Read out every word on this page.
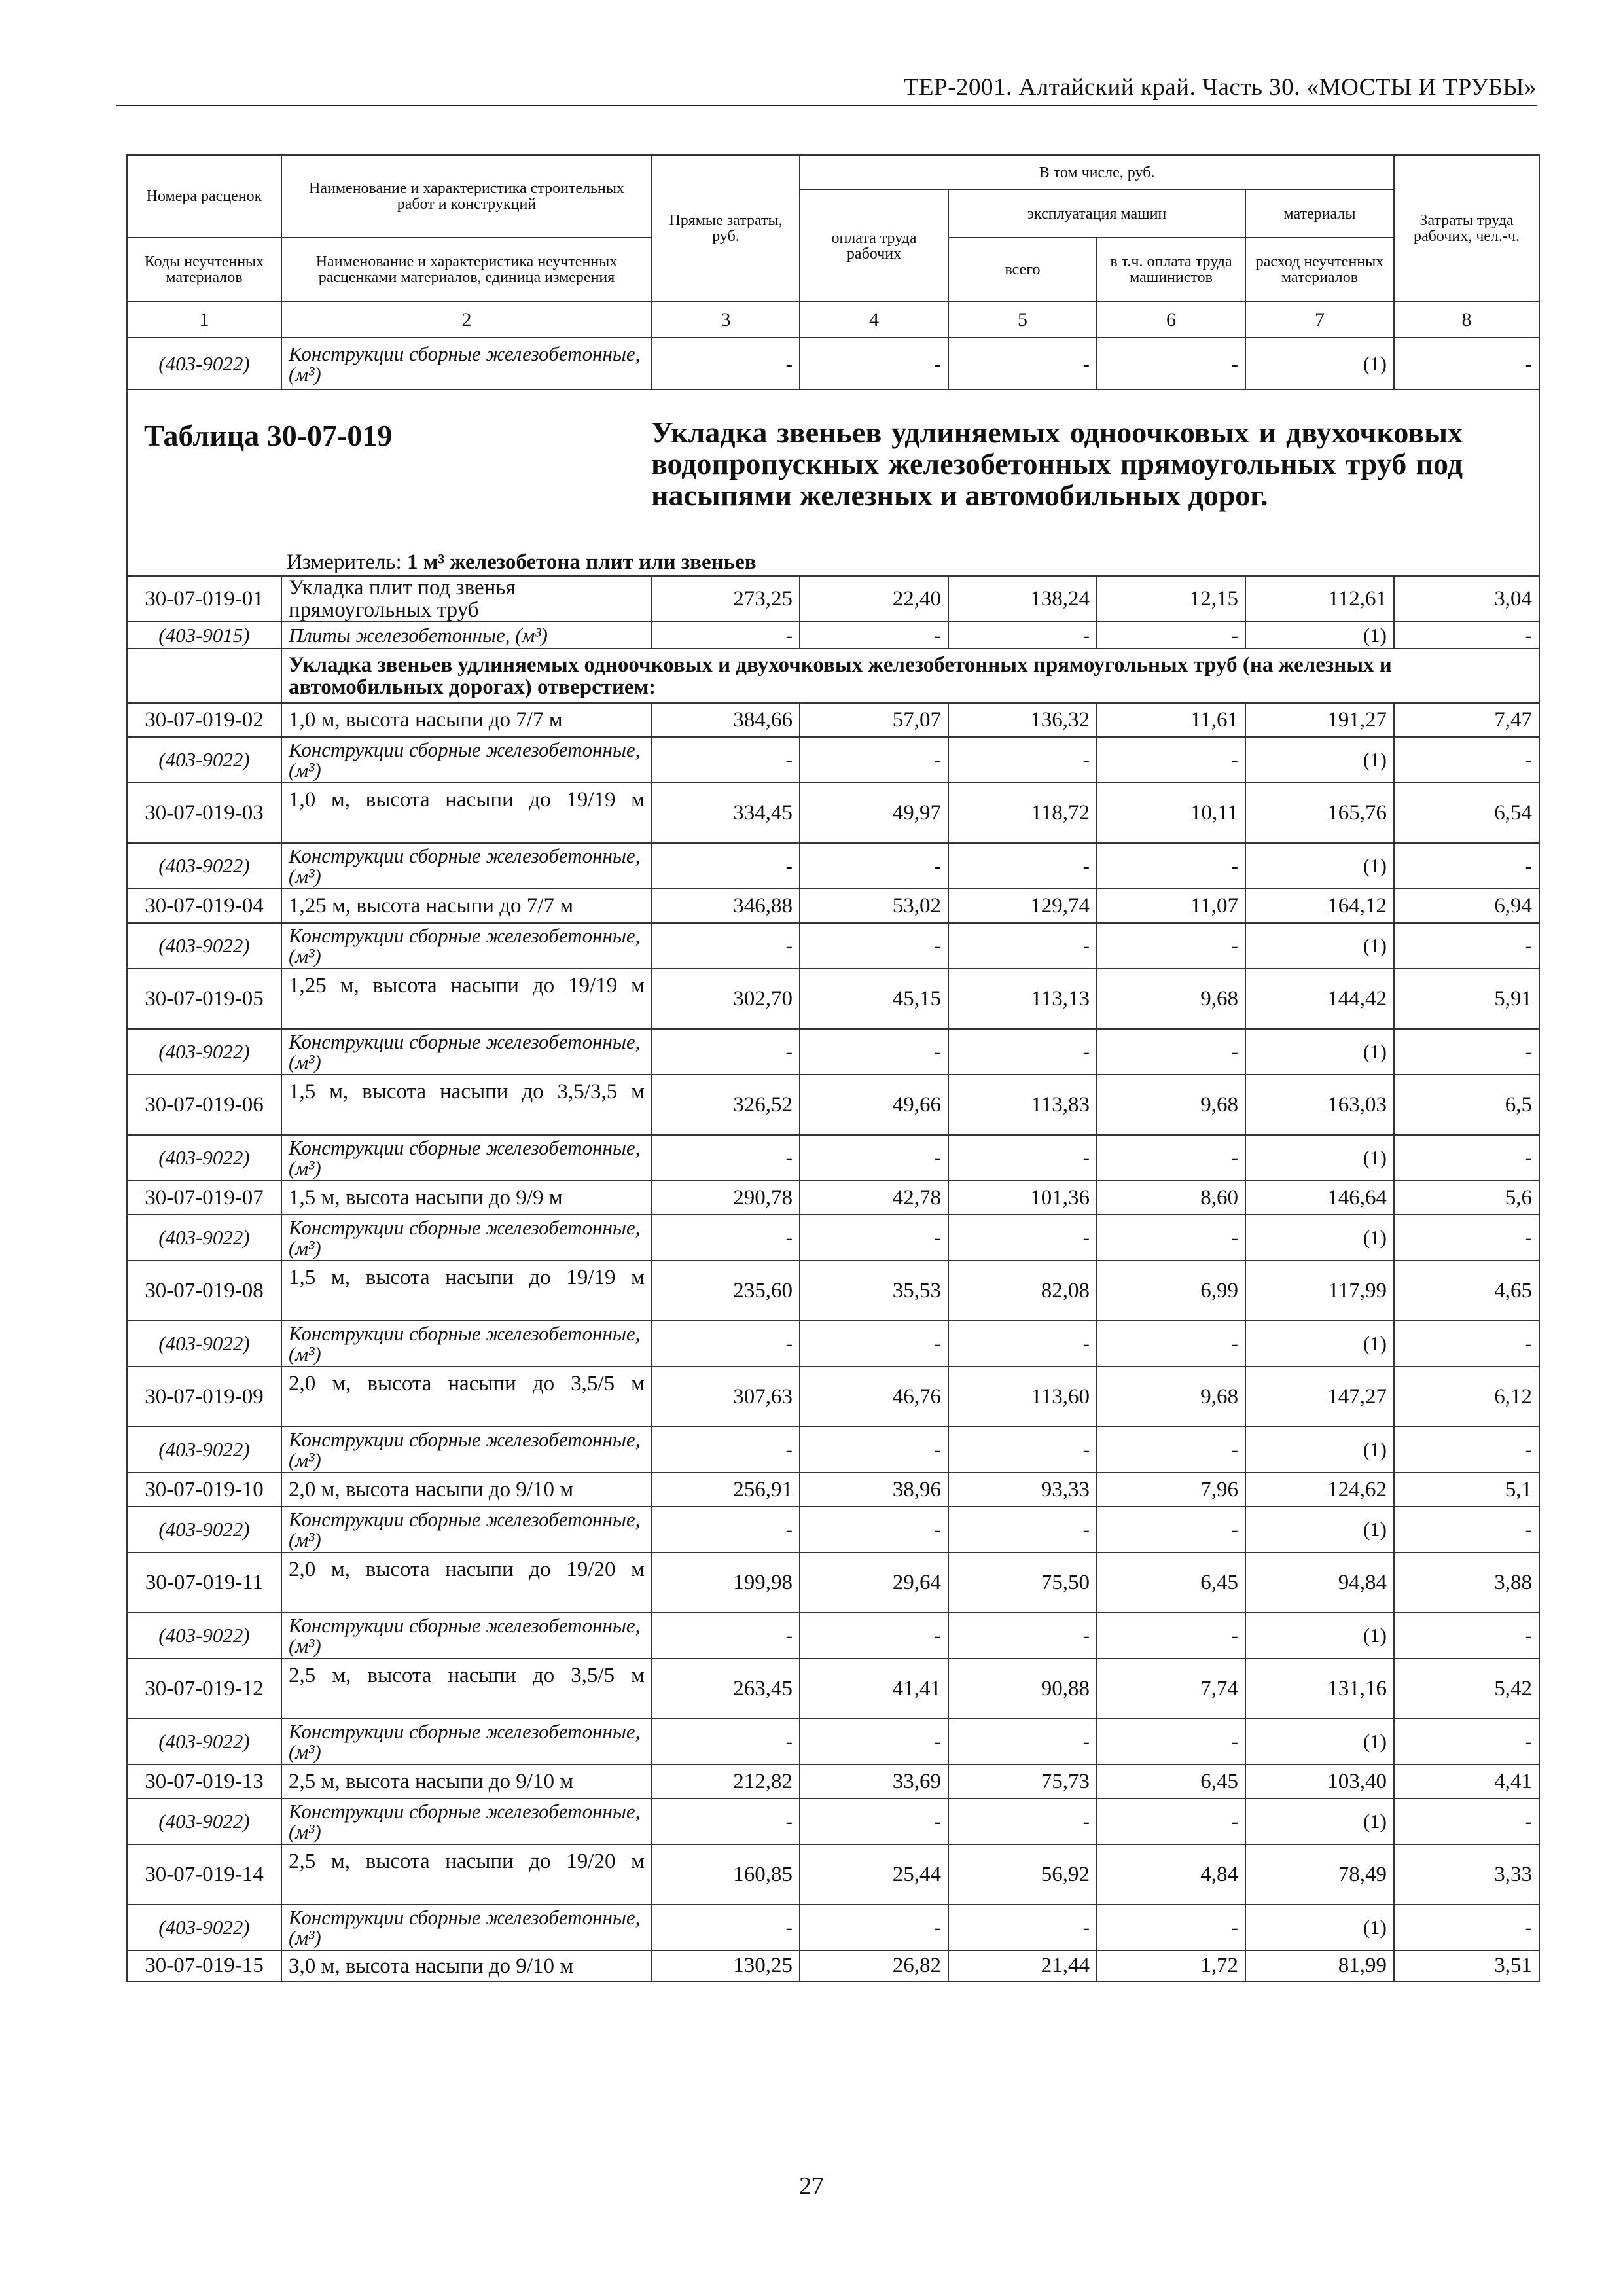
ТЕР-2001. Алтайский край. Часть 30. «МОСТЫ И ТРУБЫ»
Номера расценок	Наименование и характеристика строительных работ и конструкций	Прямые затраты, руб.	В том числе, руб.				Затраты труда рабочих, чел.-ч.
			оплата труда рабочих	эксплуатация машин		материалы	
Коды неучтенных материалов	Наименование и характеристика неучтенных расценками материалов, единица измерения			всего	в т.ч. оплата труда машинистов	расход неучтенных материалов	
1	2	3	4	5	6	7	8
(403-9022)	Конструкции сборные железобетонные, (м³)	-	-	-	-	(1)	-

Таблица 30-07-019 Укладка звеньев удлиняемых одноочковых и двухочковых водопропускных железобетонных прямоугольных труб под насыпями железных и автомобильных дорог.
Измеритель: 1 м³ железобетона плит или звеньев							

30-07-019-01	Укладка плит под звенья прямоугольных труб	273,25	22,40	138,24	12,15	112,61	3,04
(403-9015)	Плиты железобетонные, (м³)	-	-	-	-	(1)	-
	Укладка звеньев удлиняемых одноочковых и двухочковых железобетонных прямоугольных труб (на железных и автомобильных дорогах) отверстием:						
30-07-019-02	1,0 м, высота насыпи до 7/7 м	384,66	57,07	136,32	11,61	191,27	7,47
(403-9022)	Конструкции сборные железобетонные, (м³)	-	-	-	-	(1)	-
30-07-019-03	1,0 м, высота насыпи до 19/19 м	334,45	49,97	118,72	10,11	165,76	6,54
(403-9022)	Конструкции сборные железобетонные, (м³)	-	-	-	-	(1)	-
30-07-019-04	1,25 м, высота насыпи до 7/7 м	346,88	53,02	129,74	11,07	164,12	6,94
(403-9022)	Конструкции сборные железобетонные, (м³)	-	-	-	-	(1)	-
30-07-019-05	1,25 м, высота насыпи до 19/19 м	302,70	45,15	113,13	9,68	144,42	5,91
(403-9022)	Конструкции сборные железобетонные, (м³)	-	-	-	-	(1)	-
30-07-019-06	1,5 м, высота насыпи до 3,5/3,5 м	326,52	49,66	113,83	9,68	163,03	6,5
(403-9022)	Конструкции сборные железобетонные, (м³)	-	-	-	-	(1)	-
30-07-019-07	1,5 м, высота насыпи до 9/9 м	290,78	42,78	101,36	8,60	146,64	5,6
(403-9022)	Конструкции сборные железобетонные, (м³)	-	-	-	-	(1)	-
30-07-019-08	1,5 м, высота насыпи до 19/19 м	235,60	35,53	82,08	6,99	117,99	4,65
(403-9022)	Конструкции сборные железобетонные, (м³)	-	-	-	-	(1)	-
30-07-019-09	2,0 м, высота насыпи до 3,5/5 м	307,63	46,76	113,60	9,68	147,27	6,12
(403-9022)	Конструкции сборные железобетонные, (м³)	-	-	-	-	(1)	-
30-07-019-10	2,0 м, высота насыпи до 9/10 м	256,91	38,96	93,33	7,96	124,62	5,1
(403-9022)	Конструкции сборные железобетонные, (м³)	-	-	-	-	(1)	-
30-07-019-11	2,0 м, высота насыпи до 19/20 м	199,98	29,64	75,50	6,45	94,84	3,88
(403-9022)	Конструкции сборные железобетонные, (м³)	-	-	-	-	(1)	-
30-07-019-12	2,5 м, высота насыпи до 3,5/5 м	263,45	41,41	90,88	7,74	131,16	5,42
(403-9022)	Конструкции сборные железобетонные, (м³)	-	-	-	-	(1)	-
30-07-019-13	2,5 м, высота насыпи до 9/10 м	212,82	33,69	75,73	6,45	103,40	4,41
(403-9022)	Конструкции сборные железобетонные, (м³)	-	-	-	-	(1)	-
30-07-019-14	2,5 м, высота насыпи до 19/20 м	160,85	25,44	56,92	4,84	78,49	3,33
(403-9022)	Конструкции сборные железобетонные, (м³)	-	-	-	-	(1)	-
30-07-019-15	3,0 м, высота насыпи до 9/10 м	130,25	26,82	21,44	1,72	81,99	3,51
27
